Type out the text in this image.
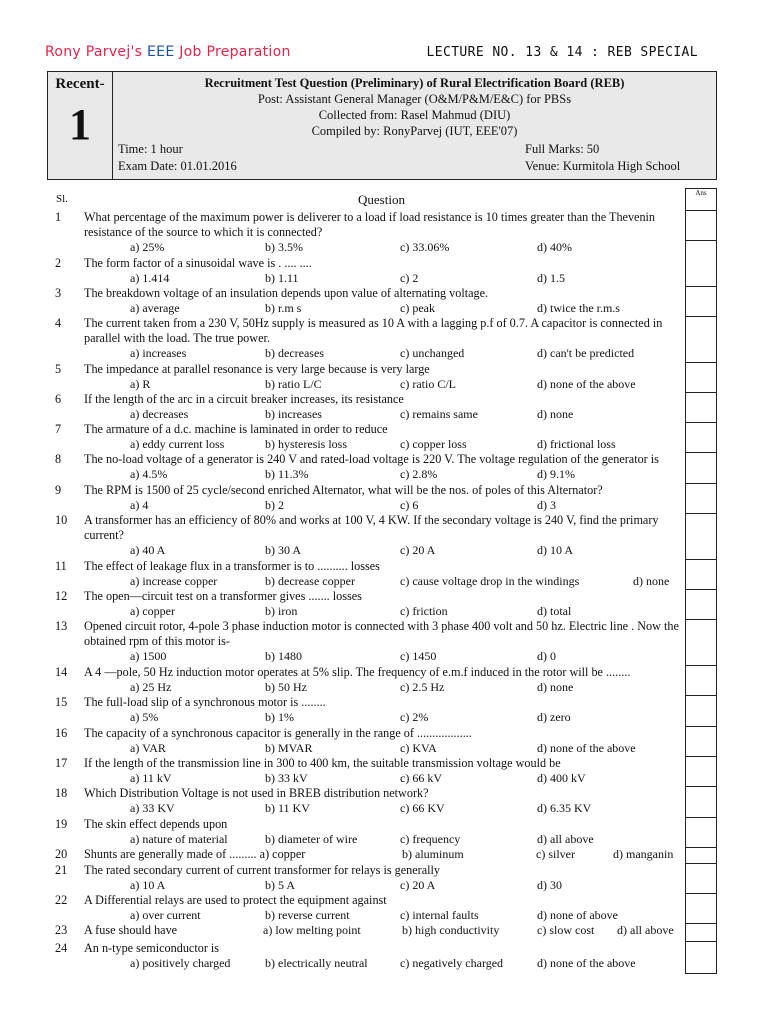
Rony Parvej's EEE Job Preparation	LECTURE NO. 13 & 14 : REB SPECIAL
Recent-
1
Recruitment Test Question (Preliminary) of Rural Electrification Board (REB)
Post: Assistant General Manager (O&M/P&M/E&C) for PBSs
Collected from: Rasel Mahmud (DIU)
Compiled by: RonyParvej (IUT, EEE'07)
Time: 1 hour	Full Marks: 50
Exam Date: 01.01.2016	Venue: Kurmitola High School
Sl.	Question	Ans
1	What percentage of the maximum power is deliverer to a load if load resistance is 10 times greater than the Thevenin resistance of the source to which it is connected?
a) 25%	b) 3.5%	c) 33.06%	d) 40%
2	The form factor of a sinusoidal wave is . .... ....
a) 1.414	b) 1.11	c) 2	d) 1.5
3	The breakdown voltage of an insulation depends upon value of alternating voltage.
a) average	b) r.m s	c) peak	d) twice the r.m.s
4	The current taken from a 230 V, 50Hz supply is measured as 10 A with a lagging p.f of 0.7. A capacitor is connected in parallel with the load. The true power.
a) increases	b) decreases	c) unchanged	d) can't be predicted
5	The impedance at parallel resonance is very large because is very large
a) R	b) ratio L/C	c) ratio C/L	d) none of the above
6	If the length of the arc in a circuit breaker increases, its resistance
a) decreases	b) increases	c) remains same	d) none
7	The armature of a d.c. machine is laminated in order to reduce
a) eddy current loss	b) hysteresis loss	c) copper loss	d) frictional loss
8	The no-load voltage of a generator is 240 V and rated-load voltage is 220 V. The voltage regulation of the generator is
a) 4.5%	b) 11.3%	c) 2.8%	d) 9.1%
9	The RPM is 1500 of 25 cycle/second enriched Alternator, what will be the nos. of poles of this Alternator?
a) 4	b) 2	c) 6	d) 3
10	A transformer has an efficiency of 80% and works at 100 V, 4 KW. If the secondary voltage is 240 V, find the primary current?
a) 40 A	b) 30 A	c) 20 A	d) 10 A
11	The effect of leakage flux in a transformer is to .......... losses
a) increase copper	b) decrease copper	c) cause voltage drop in the windings	d) none
12	The open—circuit test on a transformer gives ....... losses
a) copper	b) iron	c) friction	d) total
13	Opened circuit rotor, 4-pole 3 phase induction motor is connected with 3 phase 400 volt and 50 hz. Electric line . Now the obtained rpm of this motor is-
a) 1500	b) 1480	c) 1450	d) 0
14	A 4 —pole, 50 Hz induction motor operates at 5% slip. The frequency of e.m.f induced in the rotor will be ........
a) 25 Hz	b) 50 Hz	c) 2.5 Hz	d) none
15	The full-load slip of a synchronous motor is ........
a) 5%	b) 1%	c) 2%	d) zero
16	The capacity of a synchronous capacitor is generally in the range of ..................
a) VAR	b) MVAR	c) KVA	d) none of the above
17	If the length of the transmission line in 300 to 400 km, the suitable transmission voltage would be
a) 11 kV	b) 33 kV	c) 66 kV	d) 400 kV
18	Which Distribution Voltage is not used in BREB distribution network?
a) 33 KV	b) 11 KV	c) 66 KV	d) 6.35 KV
19	The skin effect depends upon
a) nature of material	b) diameter of wire	c) frequency	d) all above
20	Shunts are generally made of ......... a) copper	b) aluminum	c) silver	d) manganin
21	The rated secondary current of current transformer for relays is generally
a) 10 A	b) 5 A	c) 20 A	d) 30
22	A Differential relays are used to protect the equipment against
a) over current	b) reverse current	c) internal faults	d) none of above
23	A fuse should have	a) low melting point	b) high conductivity	c) slow cost d) all above
24	An n-type semiconductor is
a) positively charged	b) electrically neutral	c) negatively charged	d) none of the above
